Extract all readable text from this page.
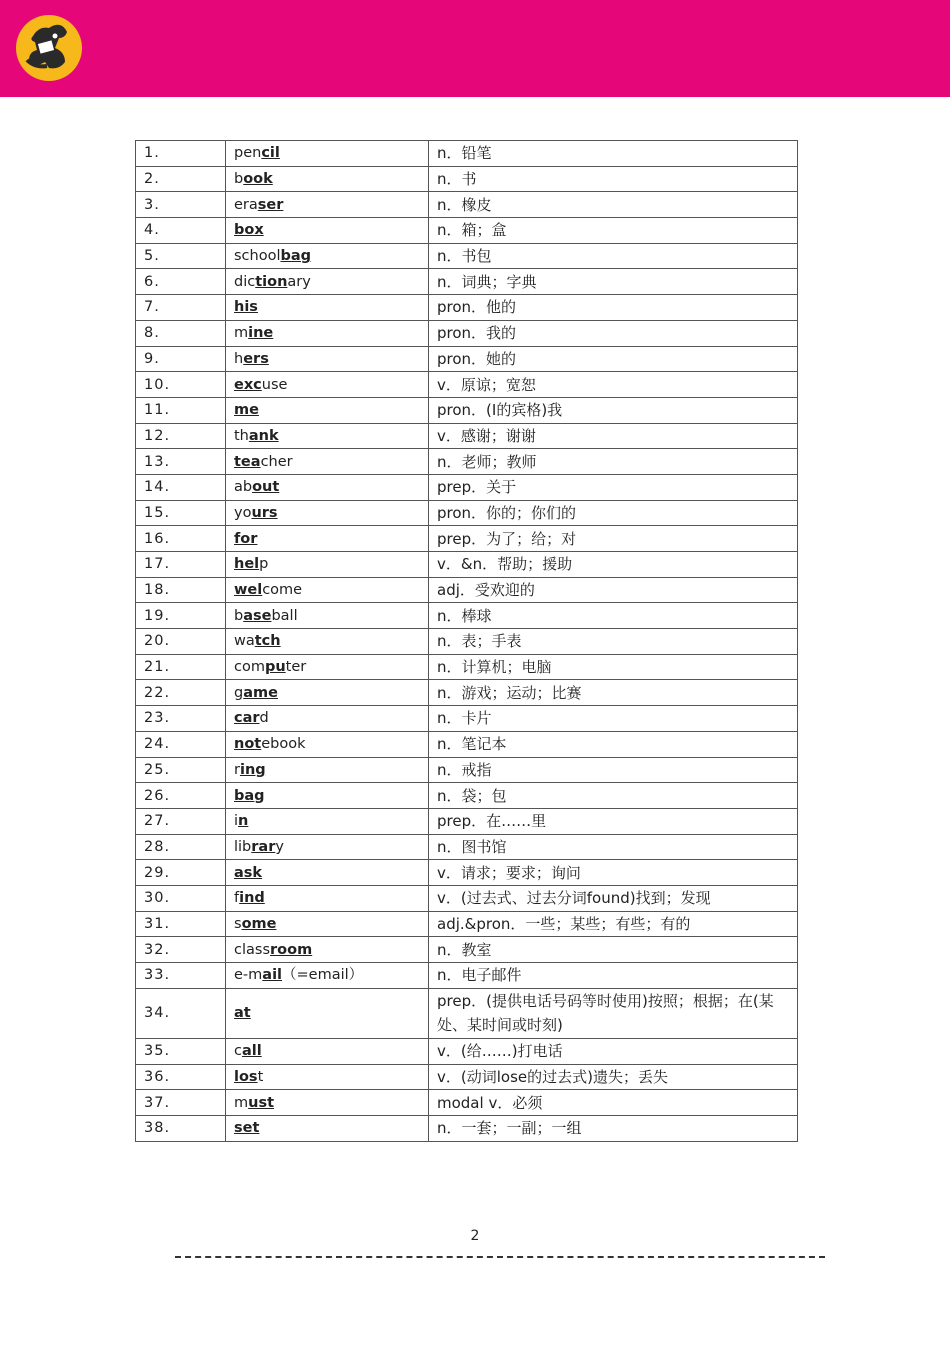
1.	pencil	n．铅笔
2.	book	n．书
3.	eraser	n．橡皮
4.	box	n．箱；盒
5.	schoolbag	n．书包
6.	dictionary	n．词典；字典
7.	his	pron．他的
8.	mine	pron．我的
9.	hers	pron．她的
10.	excuse	v．原谅；宽恕
11.	me	pron．(I的宾格)我
12.	thank	v．感谢；谢谢
13.	teacher	n．老师；教师
14.	about	prep．关于
15.	yours	pron．你的；你们的
16.	for	prep．为了；给；对
17.	help	v．&n．帮助；援助
18.	welcome	adj．受欢迎的
19.	baseball	n．棒球
20.	watch	n．表；手表
21.	computer	n．计算机；电脑
22.	game	n．游戏；运动；比赛
23.	card	n．卡片
24.	notebook	n．笔记本
25.	ring	n．戒指
26.	bag	n．袋；包
27.	in	prep．在……里
28.	library	n．图书馆
29.	ask	v．请求；要求；询问
30.	find	v．(过去式、过去分词found)找到；发现
31.	some	adj.&pron．一些；某些；有些；有的
32.	classroom	n．教室
33.	e-mail（=email）	n．电子邮件
34.	at	prep．(提供电话号码等时使用)按照；根据；在(某处、某时间或时刻)
35.	call	v．(给……)打电话
36.	lost	v．(动词lose的过去式)遗失；丢失
37.	must	modal v．必须
38.	set	n．一套；一副；一组
2
